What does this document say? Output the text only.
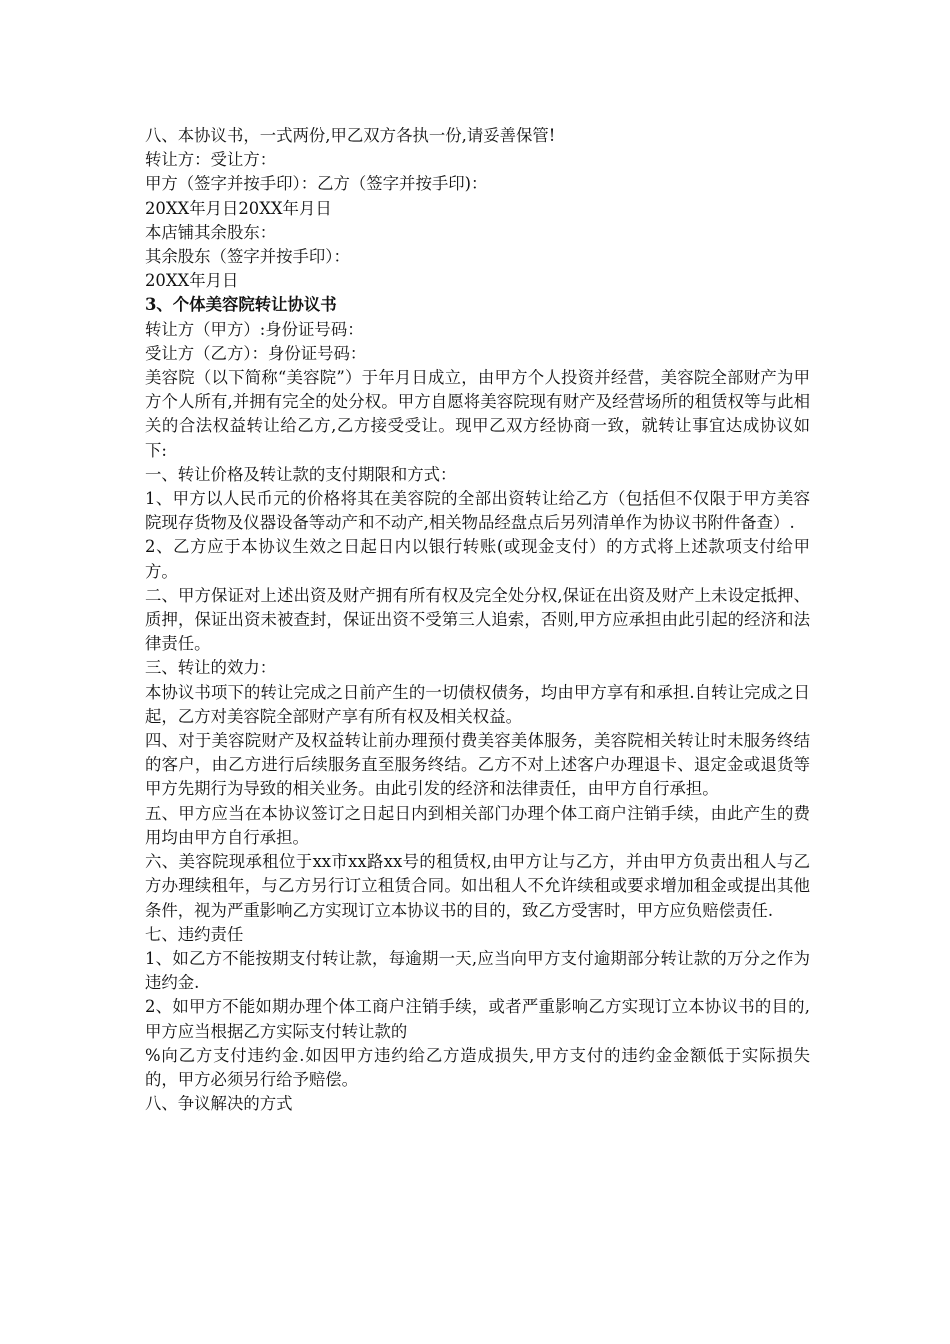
八、本协议书，一式两份,甲乙双方各执一份,请妥善保管!

转让方：受让方：

甲方（签字并按手印）：乙方（签字并按手印)：

20XX年月日20XX年月日

本店铺其余股东：

其余股东（签字并按手印）：

20XX年月日

3、个体美容院转让协议书

转让方（甲方）:身份证号码：

受让方（乙方）：身份证号码：

美容院（以下简称“美容院”）于年月日成立，由甲方个人投资并经营，美容院全部财产为甲方个人所有,并拥有完全的处分权。甲方自愿将美容院现有财产及经营场所的租赁权等与此相关的合法权益转让给乙方,乙方接受受让。现甲乙双方经协商一致，就转让事宜达成协议如下:

一、转让价格及转让款的支付期限和方式：

1、甲方以人民币元的价格将其在美容院的全部出资转让给乙方（包括但不仅限于甲方美容院现存货物及仪器设备等动产和不动产,相关物品经盘点后另列清单作为协议书附件备查）.

2、乙方应于本协议生效之日起日内以银行转账(或现金支付）的方式将上述款项支付给甲方。

二、甲方保证对上述出资及财产拥有所有权及完全处分权,保证在出资及财产上未设定抵押、质押，保证出资未被查封，保证出资不受第三人追索，否则,甲方应承担由此引起的经济和法律责任。

三、转让的效力：

本协议书项下的转让完成之日前产生的一切债权债务，均由甲方享有和承担.自转让完成之日起，乙方对美容院全部财产享有所有权及相关权益。

四、对于美容院财产及权益转让前办理预付费美容美体服务，美容院相关转让时未服务终结的客户，由乙方进行后续服务直至服务终结。乙方不对上述客户办理退卡、退定金或退货等甲方先期行为导致的相关业务。由此引发的经济和法律责任，由甲方自行承担。

五、甲方应当在本协议签订之日起日内到相关部门办理个体工商户注销手续，由此产生的费用均由甲方自行承担。

六、美容院现承租位于xx市xx路xx号的租赁权,由甲方让与乙方，并由甲方负责出租人与乙方办理续租年，与乙方另行订立租赁合同。如出租人不允许续租或要求增加租金或提出其他条件，视为严重影响乙方实现订立本协议书的目的，致乙方受害时，甲方应负赔偿责任.

七、违约责任

1、如乙方不能按期支付转让款，每逾期一天,应当向甲方支付逾期部分转让款的万分之作为违约金.

2、如甲方不能如期办理个体工商户注销手续，或者严重影响乙方实现订立本协议书的目的,甲方应当根据乙方实际支付转让款的

%向乙方支付违约金.如因甲方违约给乙方造成损失,甲方支付的违约金金额低于实际损失的，甲方必须另行给予赔偿。

八、争议解决的方式
